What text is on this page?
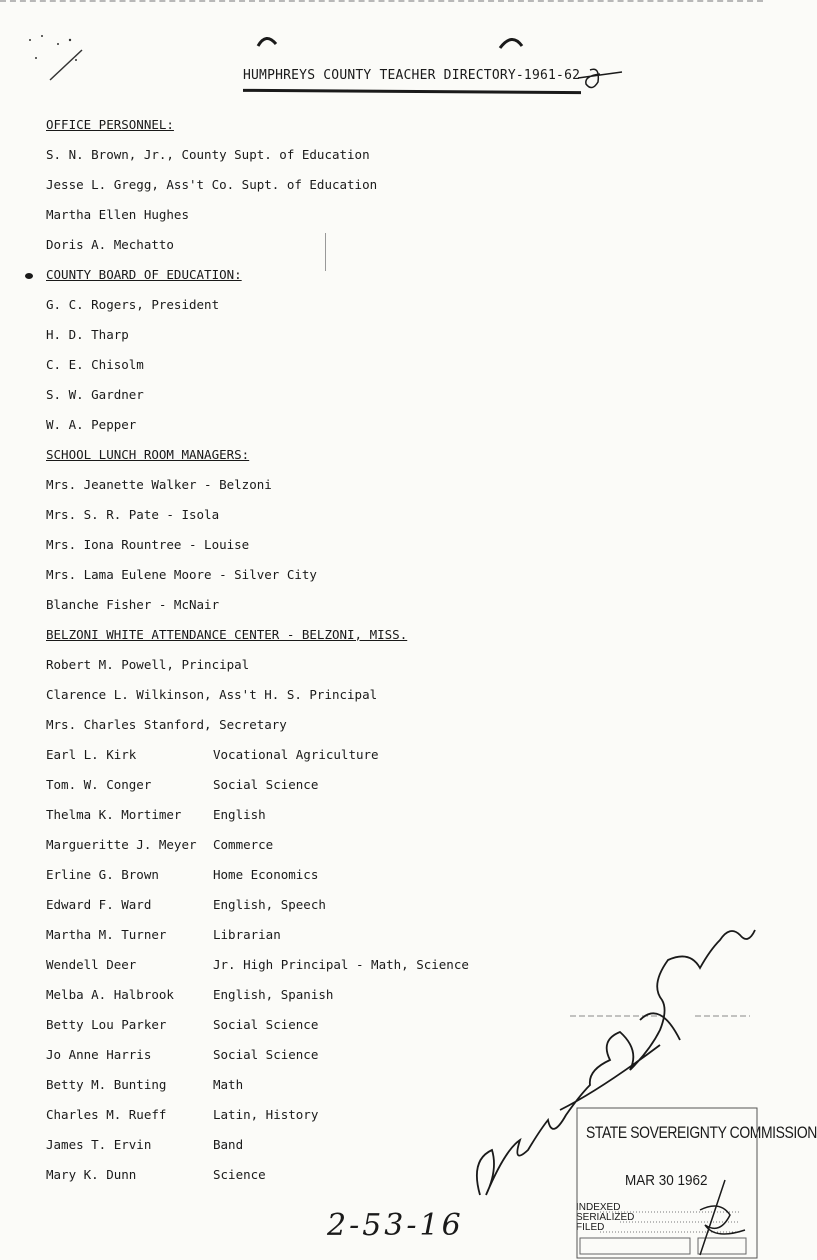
HUMPHREYS COUNTY TEACHER DIRECTORY-1961-62
OFFICE PERSONNEL:
S. N. Brown, Jr., County Supt. of Education
Jesse L. Gregg, Ass't Co. Supt. of Education
Martha Ellen Hughes
Doris A. Mechatto
COUNTY BOARD OF EDUCATION:
G. C. Rogers, President
H. D. Tharp
C. E. Chisolm
S. W. Gardner
W. A. Pepper
SCHOOL LUNCH ROOM MANAGERS:
Mrs. Jeanette Walker - Belzoni
Mrs. S. R. Pate - Isola
Mrs. Iona Rountree - Louise
Mrs. Lama Eulene Moore - Silver City
Blanche Fisher - McNair
BELZONI WHITE ATTENDANCE CENTER - BELZONI, MISS.
Robert M. Powell, Principal
Clarence L. Wilkinson, Ass't H. S. Principal
Mrs. Charles Stanford, Secretary
Earl L. Kirk	Vocational Agriculture
Tom. W. Conger	Social Science
Thelma K. Mortimer	English
Margueritte J. Meyer Commerce
Erline G. Brown	Home Economics
Edward F. Ward	English, Speech
Martha M. Turner	Librarian
Wendell Deer	Jr. High Principal - Math, Science
Melba A. Halbrook	English, Spanish
Betty Lou Parker	Social Science
Jo Anne Harris	Social Science
Betty M. Bunting	Math
Charles M. Rueff	Latin, History
James T. Ervin	Band
Mary K. Dunn	Science
STATE SOVEREIGNTY COMMISSION
MAR 30 1962
INDEXED
SERIALIZED
FILED
2-53-16
